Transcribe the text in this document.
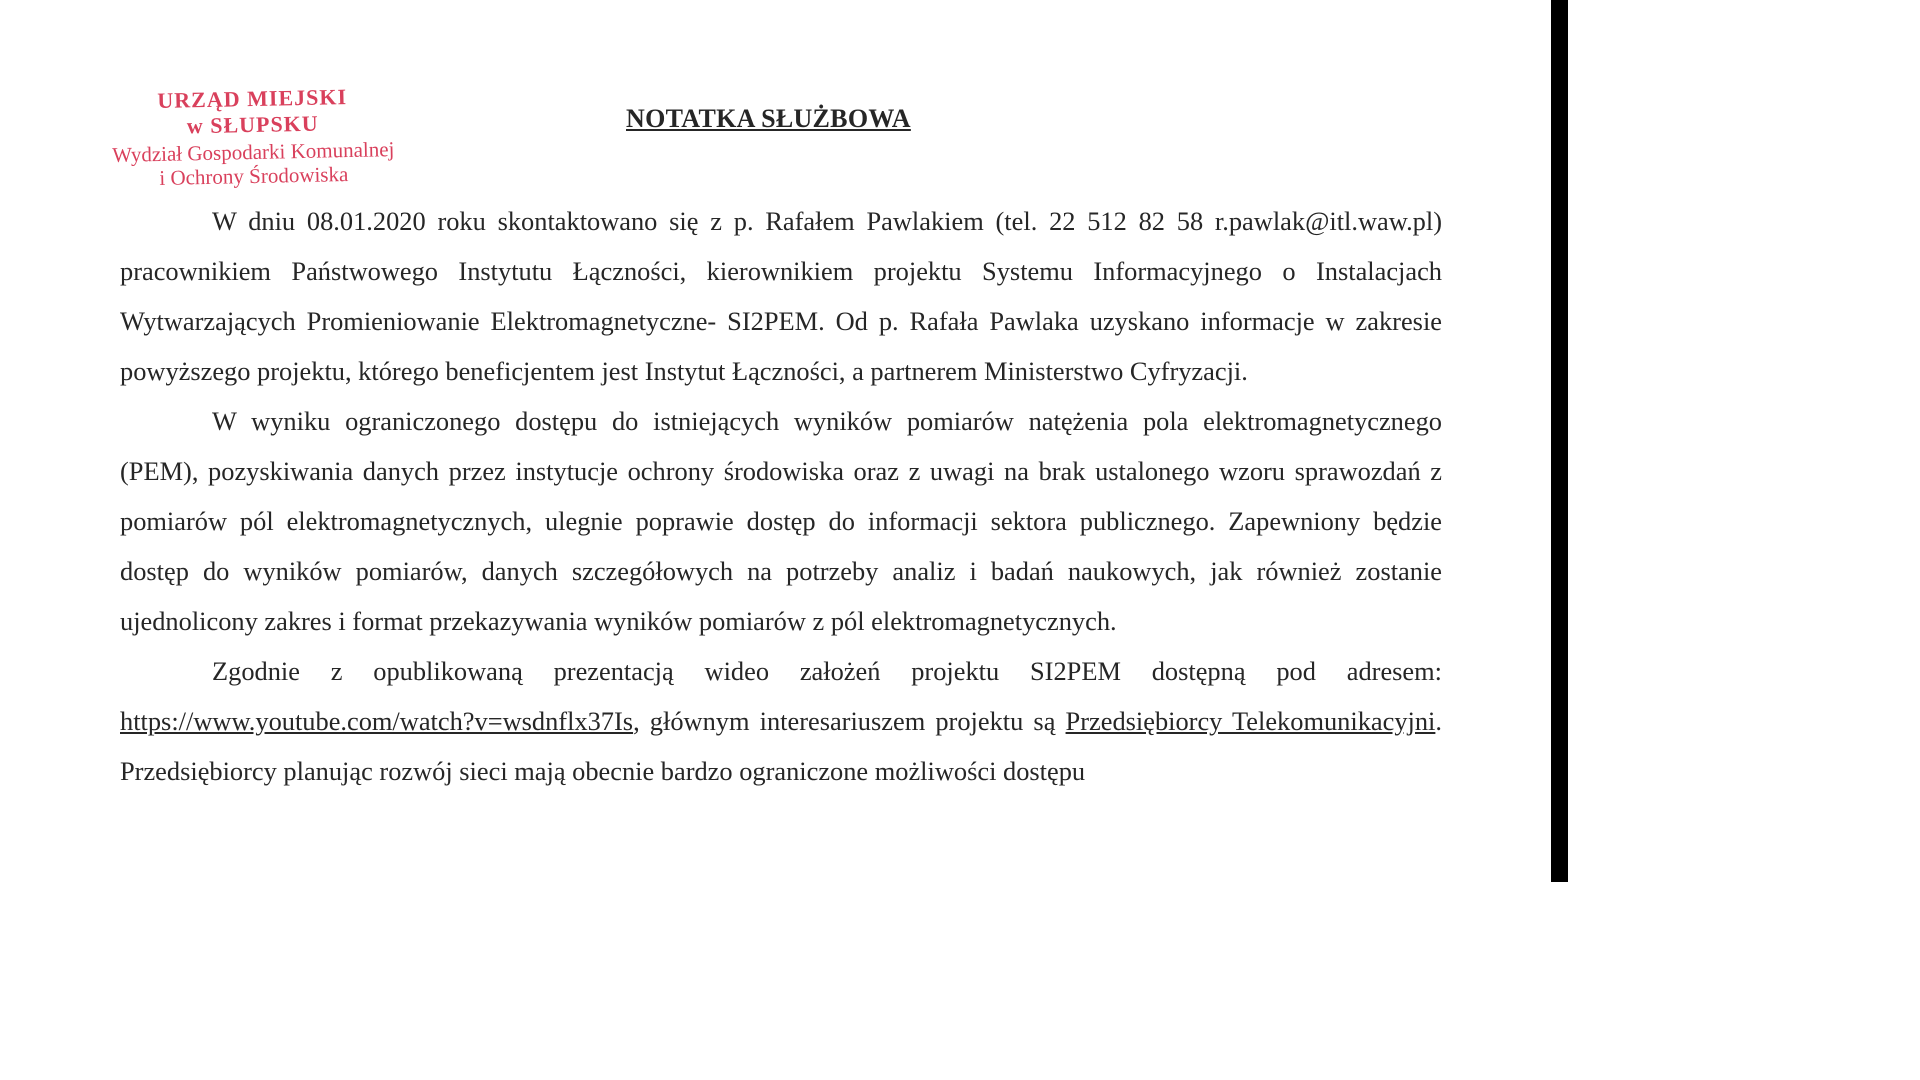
URZĄD MIEJSKI
w SŁUPSKU
Wydział Gospodarki Komunalnej
i Ochrony Środowiska
NOTATKA SŁUŻBOWA

W dniu 08.01.2020 roku skontaktowano się z p. Rafałem Pawlakiem (tel. 22 512 82 58 r.pawlak@itl.waw.pl) pracownikiem Państwowego Instytutu Łączności, kierownikiem projektu Systemu Informacyjnego o Instalacjach Wytwarzających Promieniowanie Elektromagnetyczne- SI2PEM. Od p. Rafała Pawlaka uzyskano informacje w zakresie powyższego projektu, którego beneficjentem jest Instytut Łączności, a partnerem Ministerstwo Cyfryzacji.

W wyniku ograniczonego dostępu do istniejących wyników pomiarów natężenia pola elektromagnetycznego (PEM), pozyskiwania danych przez instytucje ochrony środowiska oraz z uwagi na brak ustalonego wzoru sprawozdań z pomiarów pól elektromagnetycznych, ulegnie poprawie dostęp do informacji sektora publicznego. Zapewniony będzie dostęp do wyników pomiarów, danych szczegółowych na potrzeby analiz i badań naukowych, jak również zostanie ujednolicony zakres i format przekazywania wyników pomiarów z pól elektromagnetycznych.

Zgodnie z opublikowaną prezentacją wideo założeń projektu SI2PEM dostępną pod adresem: https://www.youtube.com/watch?v=wsdnflx37Is, głównym interesariuszem projektu są Przedsiębiorcy Telekomunikacyjni. Przedsiębiorcy planując rozwój sieci mają obecnie bardzo ograniczone możliwości dostępu
